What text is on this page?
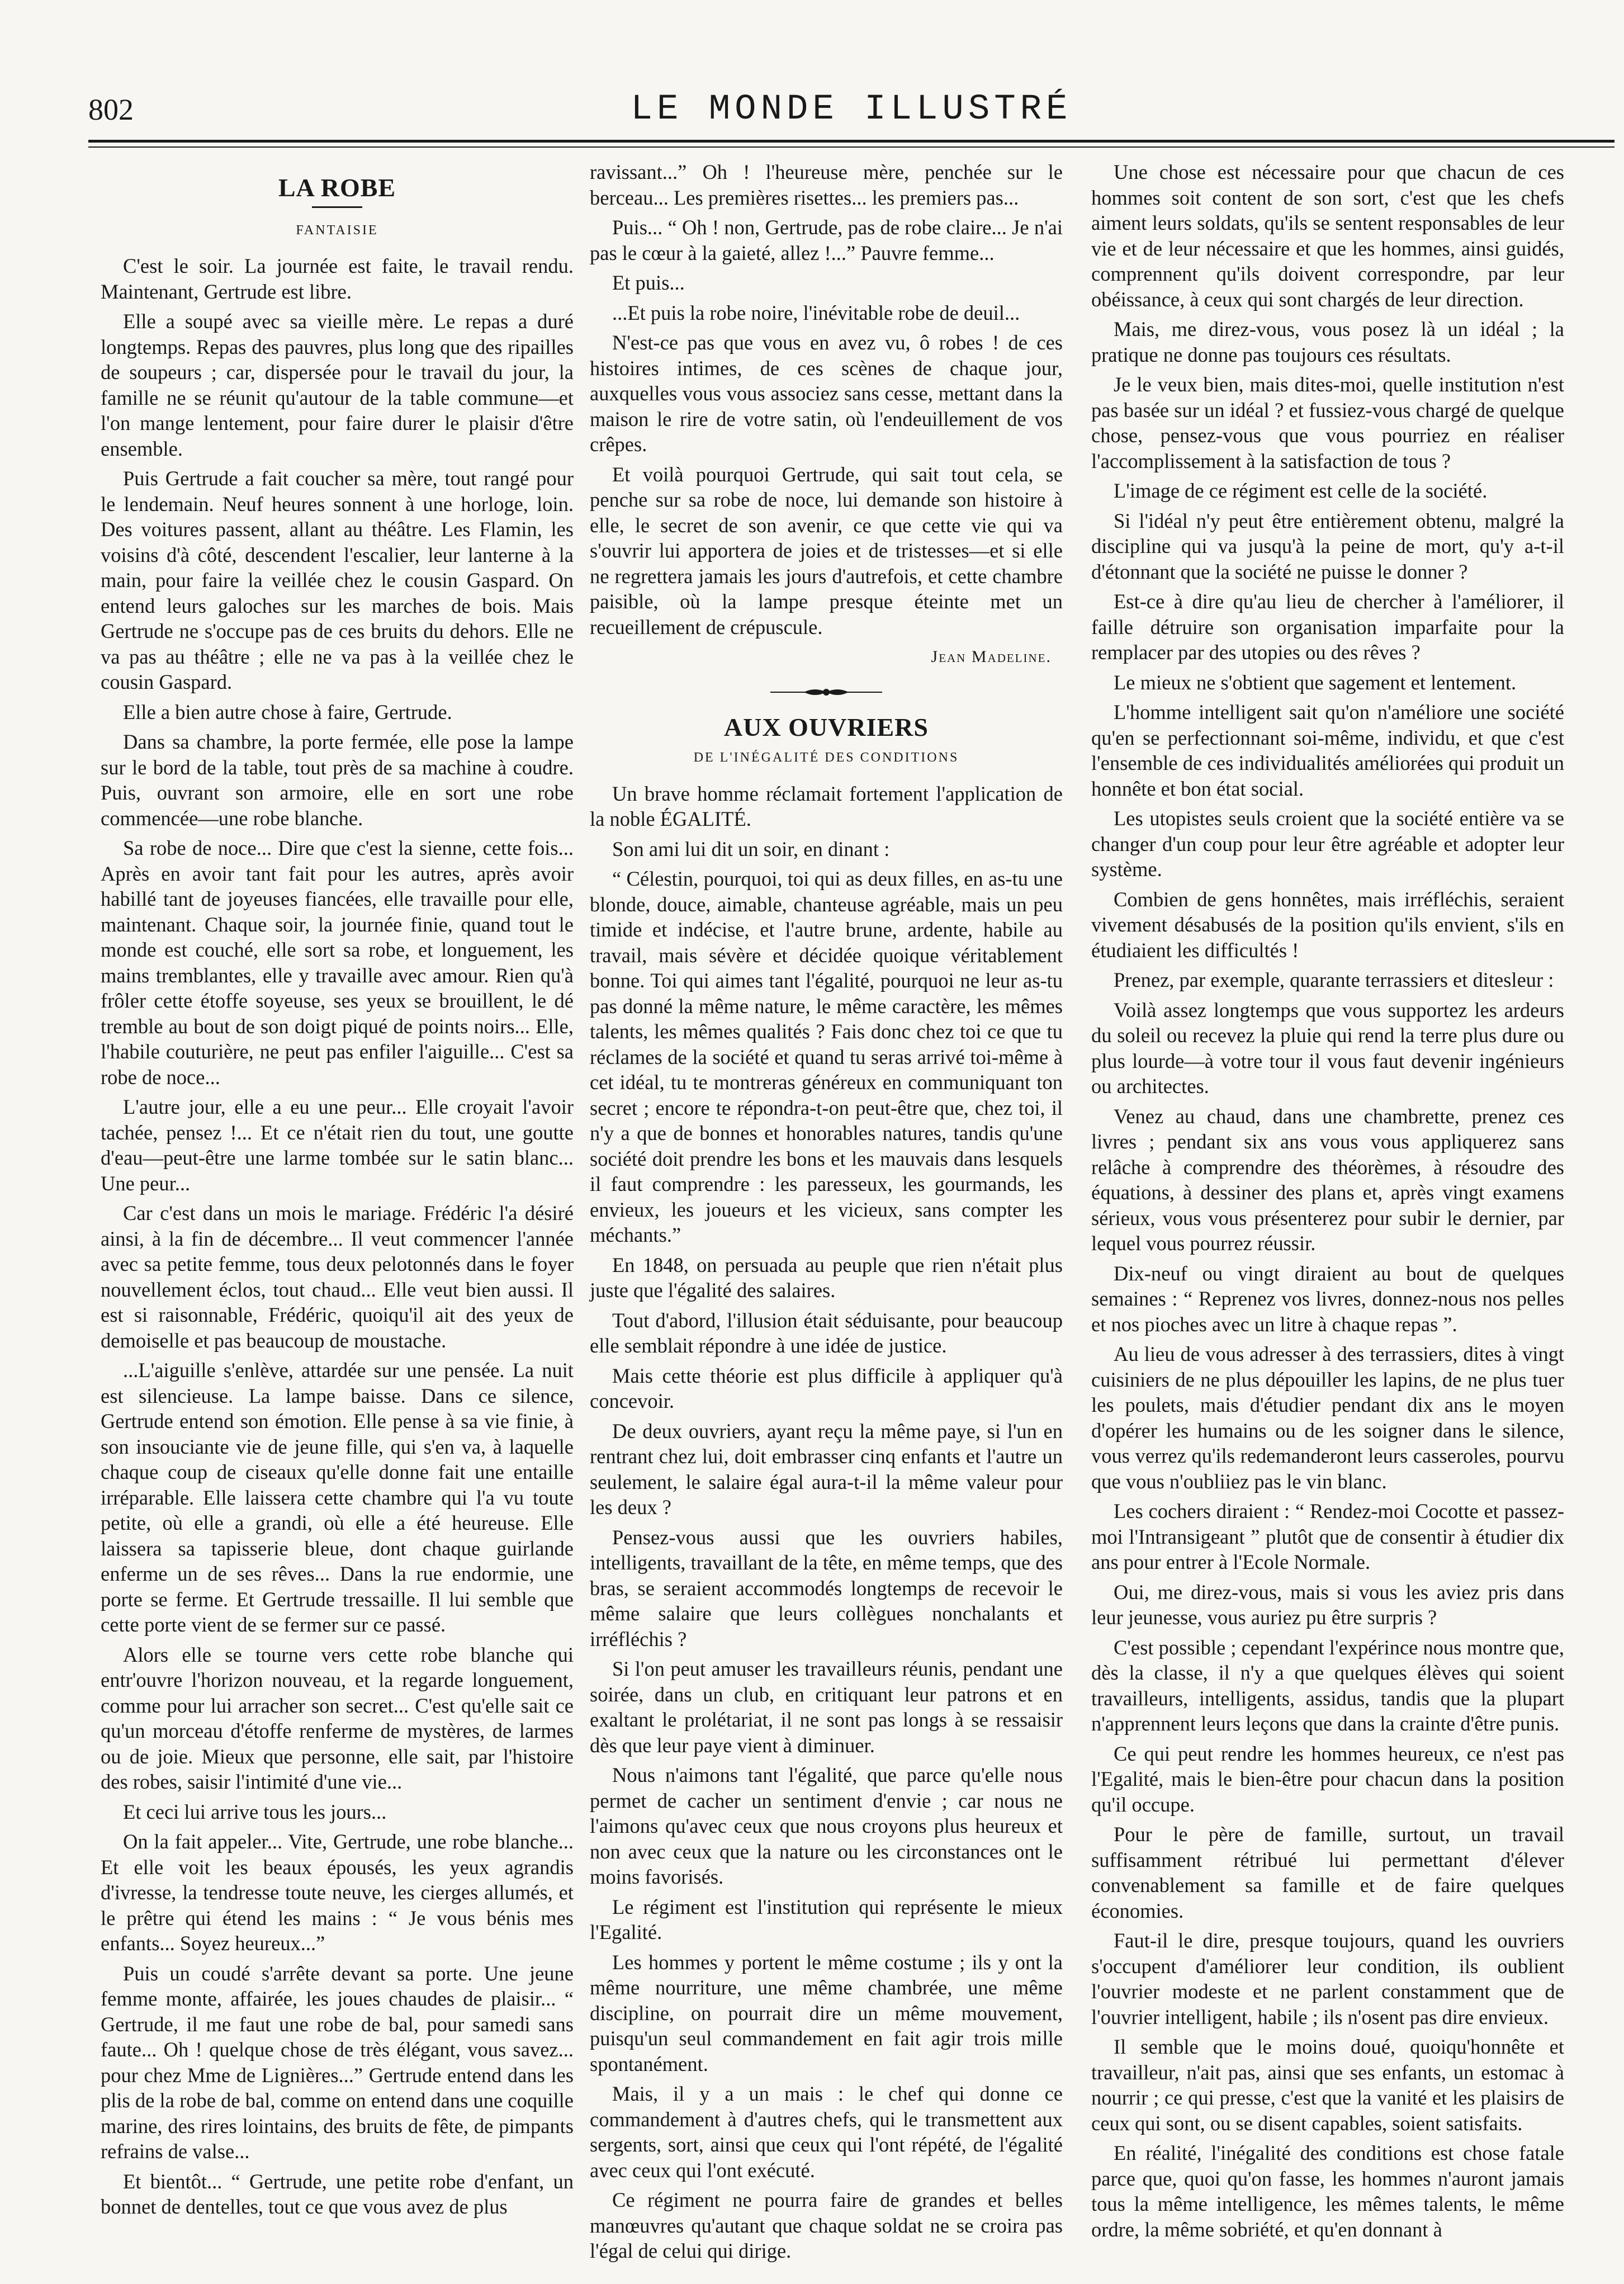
802	LE MONDE ILLUSTRÉ
LA ROBE
FANTAISIE

C'est le soir. La journée est faite, le travail rendu. Maintenant, Gertrude est libre.

Elle a soupé avec sa vieille mère. Le repas a duré longtemps. Repas des pauvres, plus long que des ripailles de soupeurs ; car, dispersée pour le travail du jour, la famille ne se réunit qu'autour de la table commune—et l'on mange lentement, pour faire durer le plaisir d'être ensemble.

Puis Gertrude a fait coucher sa mère, tout rangé pour le lendemain. Neuf heures sonnent à une horloge, loin. Des voitures passent, allant au théâtre. Les Flamin, les voisins d'à côté, descendent l'escalier, leur lanterne à la main, pour faire la veillée chez le cousin Gaspard. On entend leurs galoches sur les marches de bois. Mais Gertrude ne s'occupe pas de ces bruits du dehors. Elle ne va pas au théâtre ; elle ne va pas à la veillée chez le cousin Gaspard.

Elle a bien autre chose à faire, Gertrude.

Dans sa chambre, la porte fermée, elle pose la lampe sur le bord de la table, tout près de sa machine à coudre. Puis, ouvrant son armoire, elle en sort une robe commencée—une robe blanche.

Sa robe de noce... Dire que c'est la sienne, cette fois... Après en avoir tant fait pour les autres, après avoir habillé tant de joyeuses fiancées, elle travaille pour elle, maintenant. Chaque soir, la journée finie, quand tout le monde est couché, elle sort sa robe, et longuement, les mains tremblantes, elle y travaille avec amour. Rien qu'à frôler cette étoffe soyeuse, ses yeux se brouillent, le dé tremble au bout de son doigt piqué de points noirs... Elle, l'habile couturière, ne peut pas enfiler l'aiguille... C'est sa robe de noce...

L'autre jour, elle a eu une peur... Elle croyait l'avoir tachée, pensez !... Et ce n'était rien du tout, une goutte d'eau—peut-être une larme tombée sur le satin blanc... Une peur...

Car c'est dans un mois le mariage. Frédéric l'a désiré ainsi, à la fin de décembre... Il veut commencer l'année avec sa petite femme, tous deux pelotonnés dans le foyer nouvellement éclos, tout chaud... Elle veut bien aussi. Il est si raisonnable, Frédéric, quoiqu'il ait des yeux de demoiselle et pas beaucoup de moustache.

...L'aiguille s'enlève, attardée sur une pensée. La nuit est silencieuse. La lampe baisse. Dans ce silence, Gertrude entend son émotion. Elle pense à sa vie finie, à son insouciante vie de jeune fille, qui s'en va, à laquelle chaque coup de ciseaux qu'elle donne fait une entaille irréparable. Elle laissera cette chambre qui l'a vu toute petite, où elle a grandi, où elle a été heureuse. Elle laissera sa tapisserie bleue, dont chaque guirlande enferme un de ses rêves... Dans la rue endormie, une porte se ferme. Et Gertrude tressaille. Il lui semble que cette porte vient de se fermer sur ce passé.

Alors elle se tourne vers cette robe blanche qui entr'ouvre l'horizon nouveau, et la regarde longuement, comme pour lui arracher son secret... C'est qu'elle sait ce qu'un morceau d'étoffe renferme de mystères, de larmes ou de joie. Mieux que personne, elle sait, par l'histoire des robes, saisir l'intimité d'une vie...

Et ceci lui arrive tous les jours...

On la fait appeler... Vite, Gertrude, une robe blanche... Et elle voit les beaux épousés, les yeux agrandis d'ivresse, la tendresse toute neuve, les cierges allumés, et le prêtre qui étend les mains : “ Je vous bénis mes enfants... Soyez heureux...”

Puis un coudé s'arrête devant sa porte. Une jeune femme monte, affairée, les joues chaudes de plaisir... “ Gertrude, il me faut une robe de bal, pour samedi sans faute... Oh ! quelque chose de très élégant, vous savez... pour chez Mme de Lignières...” Gertrude entend dans les plis de la robe de bal, comme on entend dans une coquille marine, des rires lointains, des bruits de fête, de pimpants refrains de valse...

Et bientôt... “ Gertrude, une petite robe d'enfant, un bonnet de dentelles, tout ce que vous avez de plus

ravissant...” Oh ! l'heureuse mère, penchée sur le berceau... Les premières risettes... les premiers pas...

Puis... “ Oh ! non, Gertrude, pas de robe claire... Je n'ai pas le cœur à la gaieté, allez !...” Pauvre femme...

Et puis...

...Et puis la robe noire, l'inévitable robe de deuil...

N'est-ce pas que vous en avez vu, ô robes ! de ces histoires intimes, de ces scènes de chaque jour, auxquelles vous vous associez sans cesse, mettant dans la maison le rire de votre satin, où l'endeuillement de vos crêpes.

Et voilà pourquoi Gertrude, qui sait tout cela, se penche sur sa robe de noce, lui demande son histoire à elle, le secret de son avenir, ce que cette vie qui va s'ouvrir lui apportera de joies et de tristesses—et si elle ne regrettera jamais les jours d'autrefois, et cette chambre paisible, où la lampe presque éteinte met un recueillement de crépuscule.

Jean Madeline.
AUX OUVRIERS
DE L'INÉGALITÉ DES CONDITIONS

Un brave homme réclamait fortement l'application de la noble ÉGALITÉ.

Son ami lui dit un soir, en dinant :

“ Célestin, pourquoi, toi qui as deux filles, en as-tu une blonde, douce, aimable, chanteuse agréable, mais un peu timide et indécise, et l'autre brune, ardente, habile au travail, mais sévère et décidée quoique véritablement bonne. Toi qui aimes tant l'égalité, pourquoi ne leur as-tu pas donné la même nature, le même caractère, les mêmes talents, les mêmes qualités ? Fais donc chez toi ce que tu réclames de la société et quand tu seras arrivé toi-même à cet idéal, tu te montreras généreux en communiquant ton secret ; encore te répondra-t-on peut-être que, chez toi, il n'y a que de bonnes et honorables natures, tandis qu'une société doit prendre les bons et les mauvais dans lesquels il faut comprendre : les paresseux, les gourmands, les envieux, les joueurs et les vicieux, sans compter les méchants.”

En 1848, on persuada au peuple que rien n'était plus juste que l'égalité des salaires.

Tout d'abord, l'illusion était séduisante, pour beaucoup elle semblait répondre à une idée de justice.

Mais cette théorie est plus difficile à appliquer qu'à concevoir.

De deux ouvriers, ayant reçu la même paye, si l'un en rentrant chez lui, doit embrasser cinq enfants et l'autre un seulement, le salaire égal aura-t-il la même valeur pour les deux ?

Pensez-vous aussi que les ouvriers habiles, intelligents, travaillant de la tête, en même temps, que des bras, se seraient accommodés longtemps de recevoir le même salaire que leurs collègues nonchalants et irréfléchis ?

Si l'on peut amuser les travailleurs réunis, pendant une soirée, dans un club, en critiquant leur patrons et en exaltant le prolétariat, il ne sont pas longs à se ressaisir dès que leur paye vient à diminuer.

Nous n'aimons tant l'égalité, que parce qu'elle nous permet de cacher un sentiment d'envie ; car nous ne l'aimons qu'avec ceux que nous croyons plus heureux et non avec ceux que la nature ou les circonstances ont le moins favorisés.

Le régiment est l'institution qui représente le mieux l'Egalité.

Les hommes y portent le même costume ; ils y ont la même nourriture, une même chambrée, une même discipline, on pourrait dire un même mouvement, puisqu'un seul commandement en fait agir trois mille spontanément.

Mais, il y a un mais : le chef qui donne ce commandement à d'autres chefs, qui le transmettent aux sergents, sort, ainsi que ceux qui l'ont répété, de l'égalité avec ceux qui l'ont exécuté.

Ce régiment ne pourra faire de grandes et belles manœuvres qu'autant que chaque soldat ne se croira pas l'égal de celui qui dirige.

Une chose est nécessaire pour que chacun de ces hommes soit content de son sort, c'est que les chefs aiment leurs soldats, qu'ils se sentent responsables de leur vie et de leur nécessaire et que les hommes, ainsi guidés, comprennent qu'ils doivent correspondre, par leur obéissance, à ceux qui sont chargés de leur direction.

Mais, me direz-vous, vous posez là un idéal ; la pratique ne donne pas toujours ces résultats.

Je le veux bien, mais dites-moi, quelle institution n'est pas basée sur un idéal ? et fussiez-vous chargé de quelque chose, pensez-vous que vous pourriez en réaliser l'accomplissement à la satisfaction de tous ?

L'image de ce régiment est celle de la société.

Si l'idéal n'y peut être entièrement obtenu, malgré la discipline qui va jusqu'à la peine de mort, qu'y a-t-il d'étonnant que la société ne puisse le donner ?

Est-ce à dire qu'au lieu de chercher à l'améliorer, il faille détruire son organisation imparfaite pour la remplacer par des utopies ou des rêves ?

Le mieux ne s'obtient que sagement et lentement.

L'homme intelligent sait qu'on n'améliore une société qu'en se perfectionnant soi-même, individu, et que c'est l'ensemble de ces individualités améliorées qui produit un honnête et bon état social.

Les utopistes seuls croient que la société entière va se changer d'un coup pour leur être agréable et adopter leur système.

Combien de gens honnêtes, mais irréfléchis, seraient vivement désabusés de la position qu'ils envient, s'ils en étudiaient les difficultés !

Prenez, par exemple, quarante terrassiers et ditesleur :

Voilà assez longtemps que vous supportez les ardeurs du soleil ou recevez la pluie qui rend la terre plus dure ou plus lourde—à votre tour il vous faut devenir ingénieurs ou architectes.

Venez au chaud, dans une chambrette, prenez ces livres ; pendant six ans vous vous appliquerez sans relâche à comprendre des théorèmes, à résoudre des équations, à dessiner des plans et, après vingt examens sérieux, vous vous présenterez pour subir le dernier, par lequel vous pourrez réussir.

Dix-neuf ou vingt diraient au bout de quelques semaines : “ Reprenez vos livres, donnez-nous nos pelles et nos pioches avec un litre à chaque repas ”.

Au lieu de vous adresser à des terrassiers, dites à vingt cuisiniers de ne plus dépouiller les lapins, de ne plus tuer les poulets, mais d'étudier pendant dix ans le moyen d'opérer les humains ou de les soigner dans le silence, vous verrez qu'ils redemanderont leurs casseroles, pourvu que vous n'oubliiez pas le vin blanc.

Les cochers diraient : “ Rendez-moi Cocotte et passez-moi l'Intransigeant ” plutôt que de consentir à étudier dix ans pour entrer à l'Ecole Normale.

Oui, me direz-vous, mais si vous les aviez pris dans leur jeunesse, vous auriez pu être surpris ?

C'est possible ; cependant l'expérince nous montre que, dès la classe, il n'y a que quelques élèves qui soient travailleurs, intelligents, assidus, tandis que la plupart n'apprennent leurs leçons que dans la crainte d'être punis.

Ce qui peut rendre les hommes heureux, ce n'est pas l'Egalité, mais le bien-être pour chacun dans la position qu'il occupe.

Pour le père de famille, surtout, un travail suffisamment rétribué lui permettant d'élever convenablement sa famille et de faire quelques économies.

Faut-il le dire, presque toujours, quand les ouvriers s'occupent d'améliorer leur condition, ils oublient l'ouvrier modeste et ne parlent constamment que de l'ouvrier intelligent, habile ; ils n'osent pas dire envieux.

Il semble que le moins doué, quoiqu'honnête et travailleur, n'ait pas, ainsi que ses enfants, un estomac à nourrir ; ce qui presse, c'est que la vanité et les plaisirs de ceux qui sont, ou se disent capables, soient satisfaits.

En réalité, l'inégalité des conditions est chose fatale parce que, quoi qu'on fasse, les hommes n'auront jamais tous la même intelligence, les mêmes talents, le même ordre, la même sobriété, et qu'en donnant à
